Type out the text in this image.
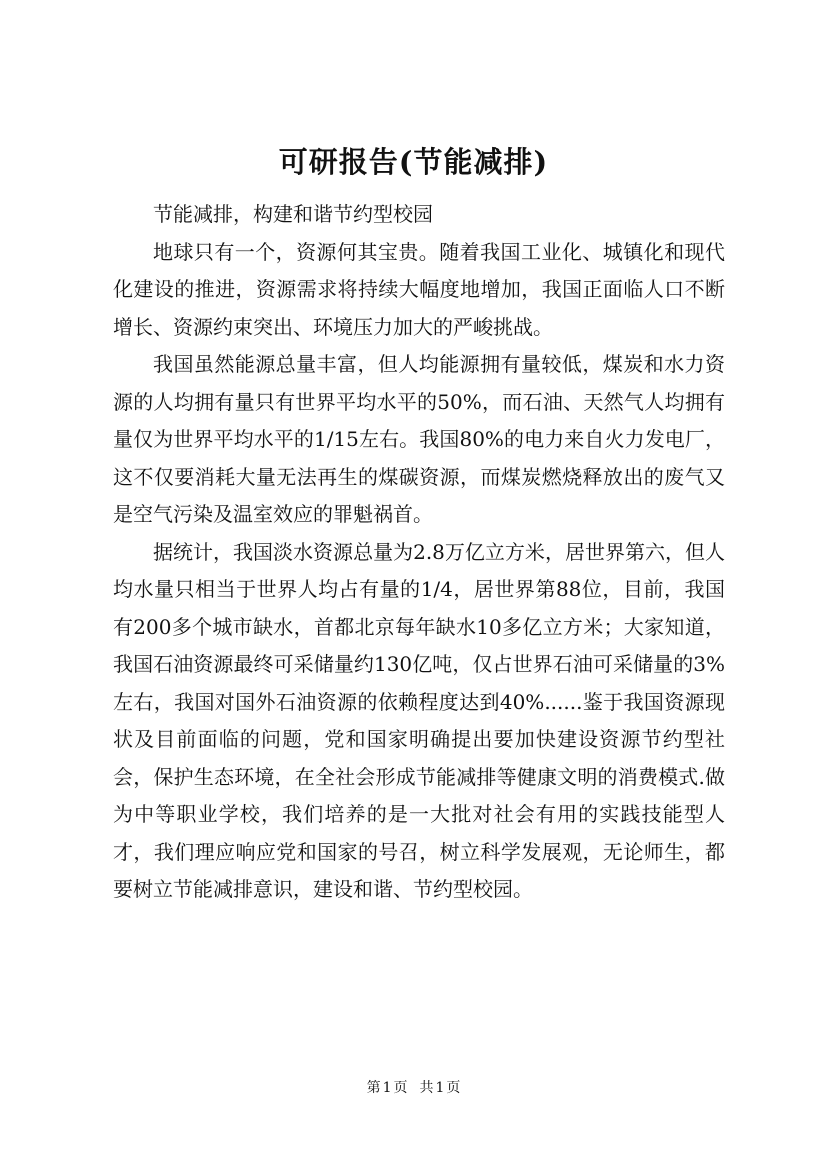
可研报告(节能减排)

节能减排，构建和谐节约型校园

地球只有一个，资源何其宝贵。随着我国工业化、城镇化和现代化建设的推进，资源需求将持续大幅度地增加，我国正面临人口不断增长、资源约束突出、环境压力加大的严峻挑战。

我国虽然能源总量丰富，但人均能源拥有量较低，煤炭和水力资源的人均拥有量只有世界平均水平的50%，而石油、天然气人均拥有量仅为世界平均水平的1/15左右。我国80%的电力来自火力发电厂，这不仅要消耗大量无法再生的煤碳资源，而煤炭燃烧释放出的废气又是空气污染及温室效应的罪魁祸首。

据统计，我国淡水资源总量为2.8万亿立方米，居世界第六，但人均水量只相当于世界人均占有量的1/4，居世界第88位，目前，我国有200多个城市缺水，首都北京每年缺水10多亿立方米；大家知道，我国石油资源最终可采储量约130亿吨，仅占世界石油可采储量的3%左右，我国对国外石油资源的依赖程度达到40%......鉴于我国资源现状及目前面临的问题，党和国家明确提出要加快建设资源节约型社会，保护生态环境，在全社会形成节能减排等健康文明的消费模式.做为中等职业学校，我们培养的是一大批对社会有用的实践技能型人才，我们理应响应党和国家的号召，树立科学发展观，无论师生，都要树立节能减排意识，建设和谐、节约型校园。

第 1 页 共 1 页
